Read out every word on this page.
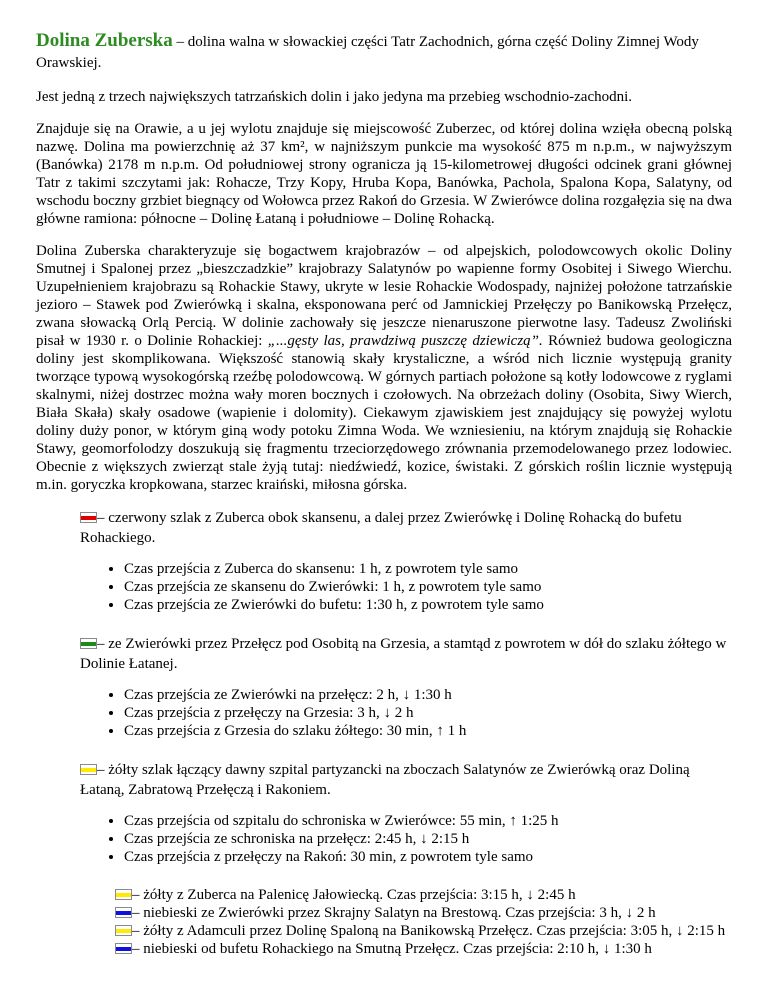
Dolina Zuberska – dolina walna w słowackiej części Tatr Zachodnich, górna część Doliny Zimnej Wody Orawskiej.

Jest jedną z trzech największych tatrzańskich dolin i jako jedyna ma przebieg wschodnio-zachodni.

Znajduje się na Orawie, a u jej wylotu znajduje się miejscowość Zuberzec, od której dolina wzięła obecną polską nazwę. Dolina ma powierzchnię aż 37 km², w najniższym punkcie ma wysokość 875 m n.p.m., w najwyższym (Banówka) 2178 m n.p.m. Od południowej strony ogranicza ją 15-kilometrowej długości odcinek grani głównej Tatr z takimi szczytami jak: Rohacze, Trzy Kopy, Hruba Kopa, Banówka, Pachola, Spalona Kopa, Salatyny, od wschodu boczny grzbiet biegnący od Wołowca przez Rakoń do Grzesia. W Zwierówce dolina rozgałęzia się na dwa główne ramiona: północne – Dolinę Łataną i południowe – Dolinę Rohacką.

Dolina Zuberska charakteryzuje się bogactwem krajobrazów – od alpejskich, polodowcowych okolic Doliny Smutnej i Spalonej przez „bieszczadzkie” krajobrazy Salatynów po wapienne formy Osobitej i Siwego Wierchu. Uzupełnieniem krajobrazu są Rohackie Stawy, ukryte w lesie Rohackie Wodospady, najniżej położone tatrzańskie jezioro – Stawek pod Zwierówką i skalna, eksponowana perć od Jamnickiej Przełęczy po Banikowską Przełęcz, zwana słowacką Orlą Percią. W dolinie zachowały się jeszcze nienaruszone pierwotne lasy. Tadeusz Zwoliński pisał w 1930 r. o Dolinie Rohackiej: „...gęsty las, prawdziwą puszczę dziewiczą”. Również budowa geologiczna doliny jest skomplikowana. Większość stanowią skały krystaliczne, a wśród nich licznie występują granity tworzące typową wysokogórską rzeźbę polodowcową. W górnych partiach położone są kotły lodowcowe z ryglami skalnymi, niżej dostrzec można wały moren bocznych i czołowych. Na obrzeżach doliny (Osobita, Siwy Wierch, Biała Skała) skały osadowe (wapienie i dolomity). Ciekawym zjawiskiem jest znajdujący się powyżej wylotu doliny duży ponor, w którym giną wody potoku Zimna Woda. We wzniesieniu, na którym znajdują się Rohackie Stawy, geomorfolodzy doszukują się fragmentu trzeciorzędowego zrównania przemodelowanego przez lodowiec. Obecnie z większych zwierząt stale żyją tutaj: niedźwiedź, kozice, świstaki. Z górskich roślin licznie występują m.in. goryczka kropkowana, starzec kraiński, miłosna górska.

– czerwony szlak z Zuberca obok skansenu, a dalej przez Zwierówkę i Dolinę Rohacką do bufetu Rohackiego.

• Czas przejścia z Zuberca do skansenu: 1 h, z powrotem tyle samo
• Czas przejścia ze skansenu do Zwierówki: 1 h, z powrotem tyle samo
• Czas przejścia ze Zwierówki do bufetu: 1:30 h, z powrotem tyle samo

– ze Zwierówki przez Przełęcz pod Osobitą na Grzesia, a stamtąd z powrotem w dół do szlaku żółtego w Dolinie Łatanej.

• Czas przejścia ze Zwierówki na przełęcz: 2 h, ↓ 1:30 h
• Czas przejścia z przełęczy na Grzesia: 3 h, ↓ 2 h
• Czas przejścia z Grzesia do szlaku żółtego: 30 min, ↑ 1 h

– żółty szlak łączący dawny szpital partyzancki na zboczach Salatynów ze Zwierówką oraz Doliną Łataną, Zabratową Przełęczą i Rakoniem.

• Czas przejścia od szpitalu do schroniska w Zwierówce: 55 min, ↑ 1:25 h
• Czas przejścia ze schroniska na przełęcz: 2:45 h, ↓ 2:15 h
• Czas przejścia z przełęczy na Rakoń: 30 min, z powrotem tyle samo
– żółty z Zuberca na Palenicę Jałowiecką. Czas przejścia: 3:15 h, ↓ 2:45 h
– niebieski ze Zwierówki przez Skrajny Salatyn na Brestową. Czas przejścia: 3 h, ↓ 2 h
– żółty z Adamculi przez Dolinę Spaloną na Banikowską Przełęcz. Czas przejścia: 3:05 h, ↓ 2:15 h
– niebieski od bufetu Rohackiego na Smutną Przełęcz. Czas przejścia: 2:10 h, ↓ 1:30 h
